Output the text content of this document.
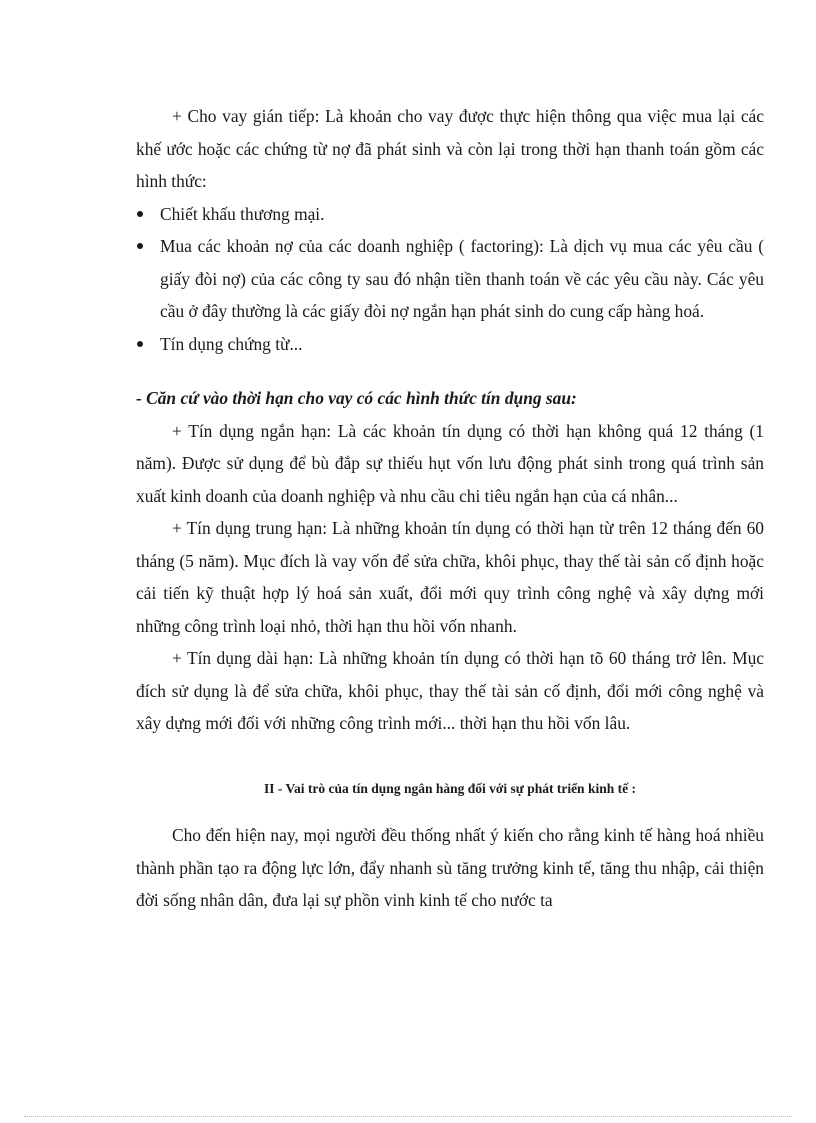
+ Cho vay gián tiếp: Là khoản cho vay được thực hiện thông qua việc mua lại các khế ước hoặc các chứng từ nợ đã phát sinh và còn lại trong thời hạn thanh toán gồm các hình thức:

Chiết khấu thương mại.
Mua các khoản nợ của các doanh nghiệp ( factoring): Là dịch vụ mua các yêu cầu ( giấy đòi nợ) của các công ty sau đó nhận tiền thanh toán về các yêu cầu này. Các yêu cầu ở đây thường là các giấy đòi nợ ngắn hạn phát sinh do cung cấp hàng hoá.
Tín dụng chứng từ...

- Căn cứ vào thời hạn cho vay có các hình thức tín dụng sau:

+ Tín dụng ngắn hạn: Là các khoản tín dụng có thời hạn không quá 12 tháng (1 năm). Được sử dụng để bù đắp sự thiếu hụt vốn lưu động phát sinh trong quá trình sản xuất kinh doanh của doanh nghiệp và nhu cầu chi tiêu ngắn hạn của cá nhân...

+ Tín dụng trung hạn: Là những khoản tín dụng có thời hạn từ trên 12 tháng đến 60 tháng (5 năm). Mục đích là vay vốn để sửa chữa, khôi phục, thay thế tài sản cố định hoặc cải tiến kỹ thuật hợp lý hoá sản xuất, đổi mới quy trình công nghệ và xây dựng mới những công trình loại nhỏ, thời hạn thu hồi vốn nhanh.

+ Tín dụng dài hạn: Là những khoản tín dụng có thời hạn tõ 60 tháng trở lên. Mục đích sử dụng là để sửa chữa, khôi phục, thay thế tài sản cố định, đổi mới công nghệ và xây dựng mới đối với những công trình mới... thời hạn thu hồi vốn lâu.

II - Vai trò của tín dụng ngân hàng đối với sự phát triển kinh tế :

Cho đến hiện nay, mọi người đều thống nhất ý kiến cho rằng kinh tế hàng hoá nhiều thành phần tạo ra động lực lớn, đẩy nhanh sù tăng trưởng kinh tế, tăng thu nhập, cải thiện đời sống nhân dân, đưa lại sự phồn vinh kinh tế cho nước ta
